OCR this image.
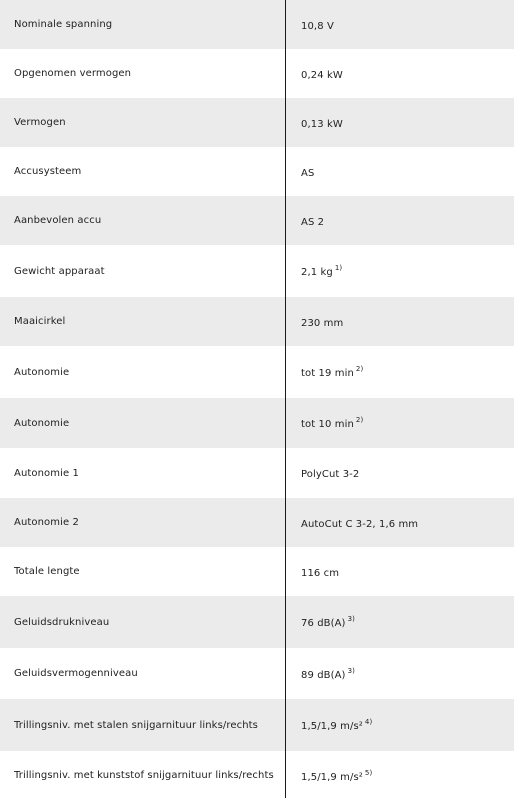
Nominale spanning	10,8 V
Opgenomen vermogen	0,24 kW
Vermogen	0,13 kW
Accusysteem	AS
Aanbevolen accu	AS 2
Gewicht apparaat	2,1 kg $^{1)}$
Maaicirkel	230 mm
Autonomie	tot 19 min $^{2)}$
Autonomie	tot 10 min $^{2)}$
Autonomie 1	PolyCut 3-2
Autonomie 2	AutoCut C 3-2, 1,6 mm
Totale lengte	116 cm
Geluidsdrukniveau	76 dB(A) $^{3)}$
Geluidsvermogenniveau	89 dB(A) $^{3)}$
Trillingsniv. met stalen snijgarnituur links/rechts	1,5/1,9 m/s² $^{4)}$
Trillingsniv. met kunststof snijgarnituur links/rechts	1,5/1,9 m/s² $^{5)}$
